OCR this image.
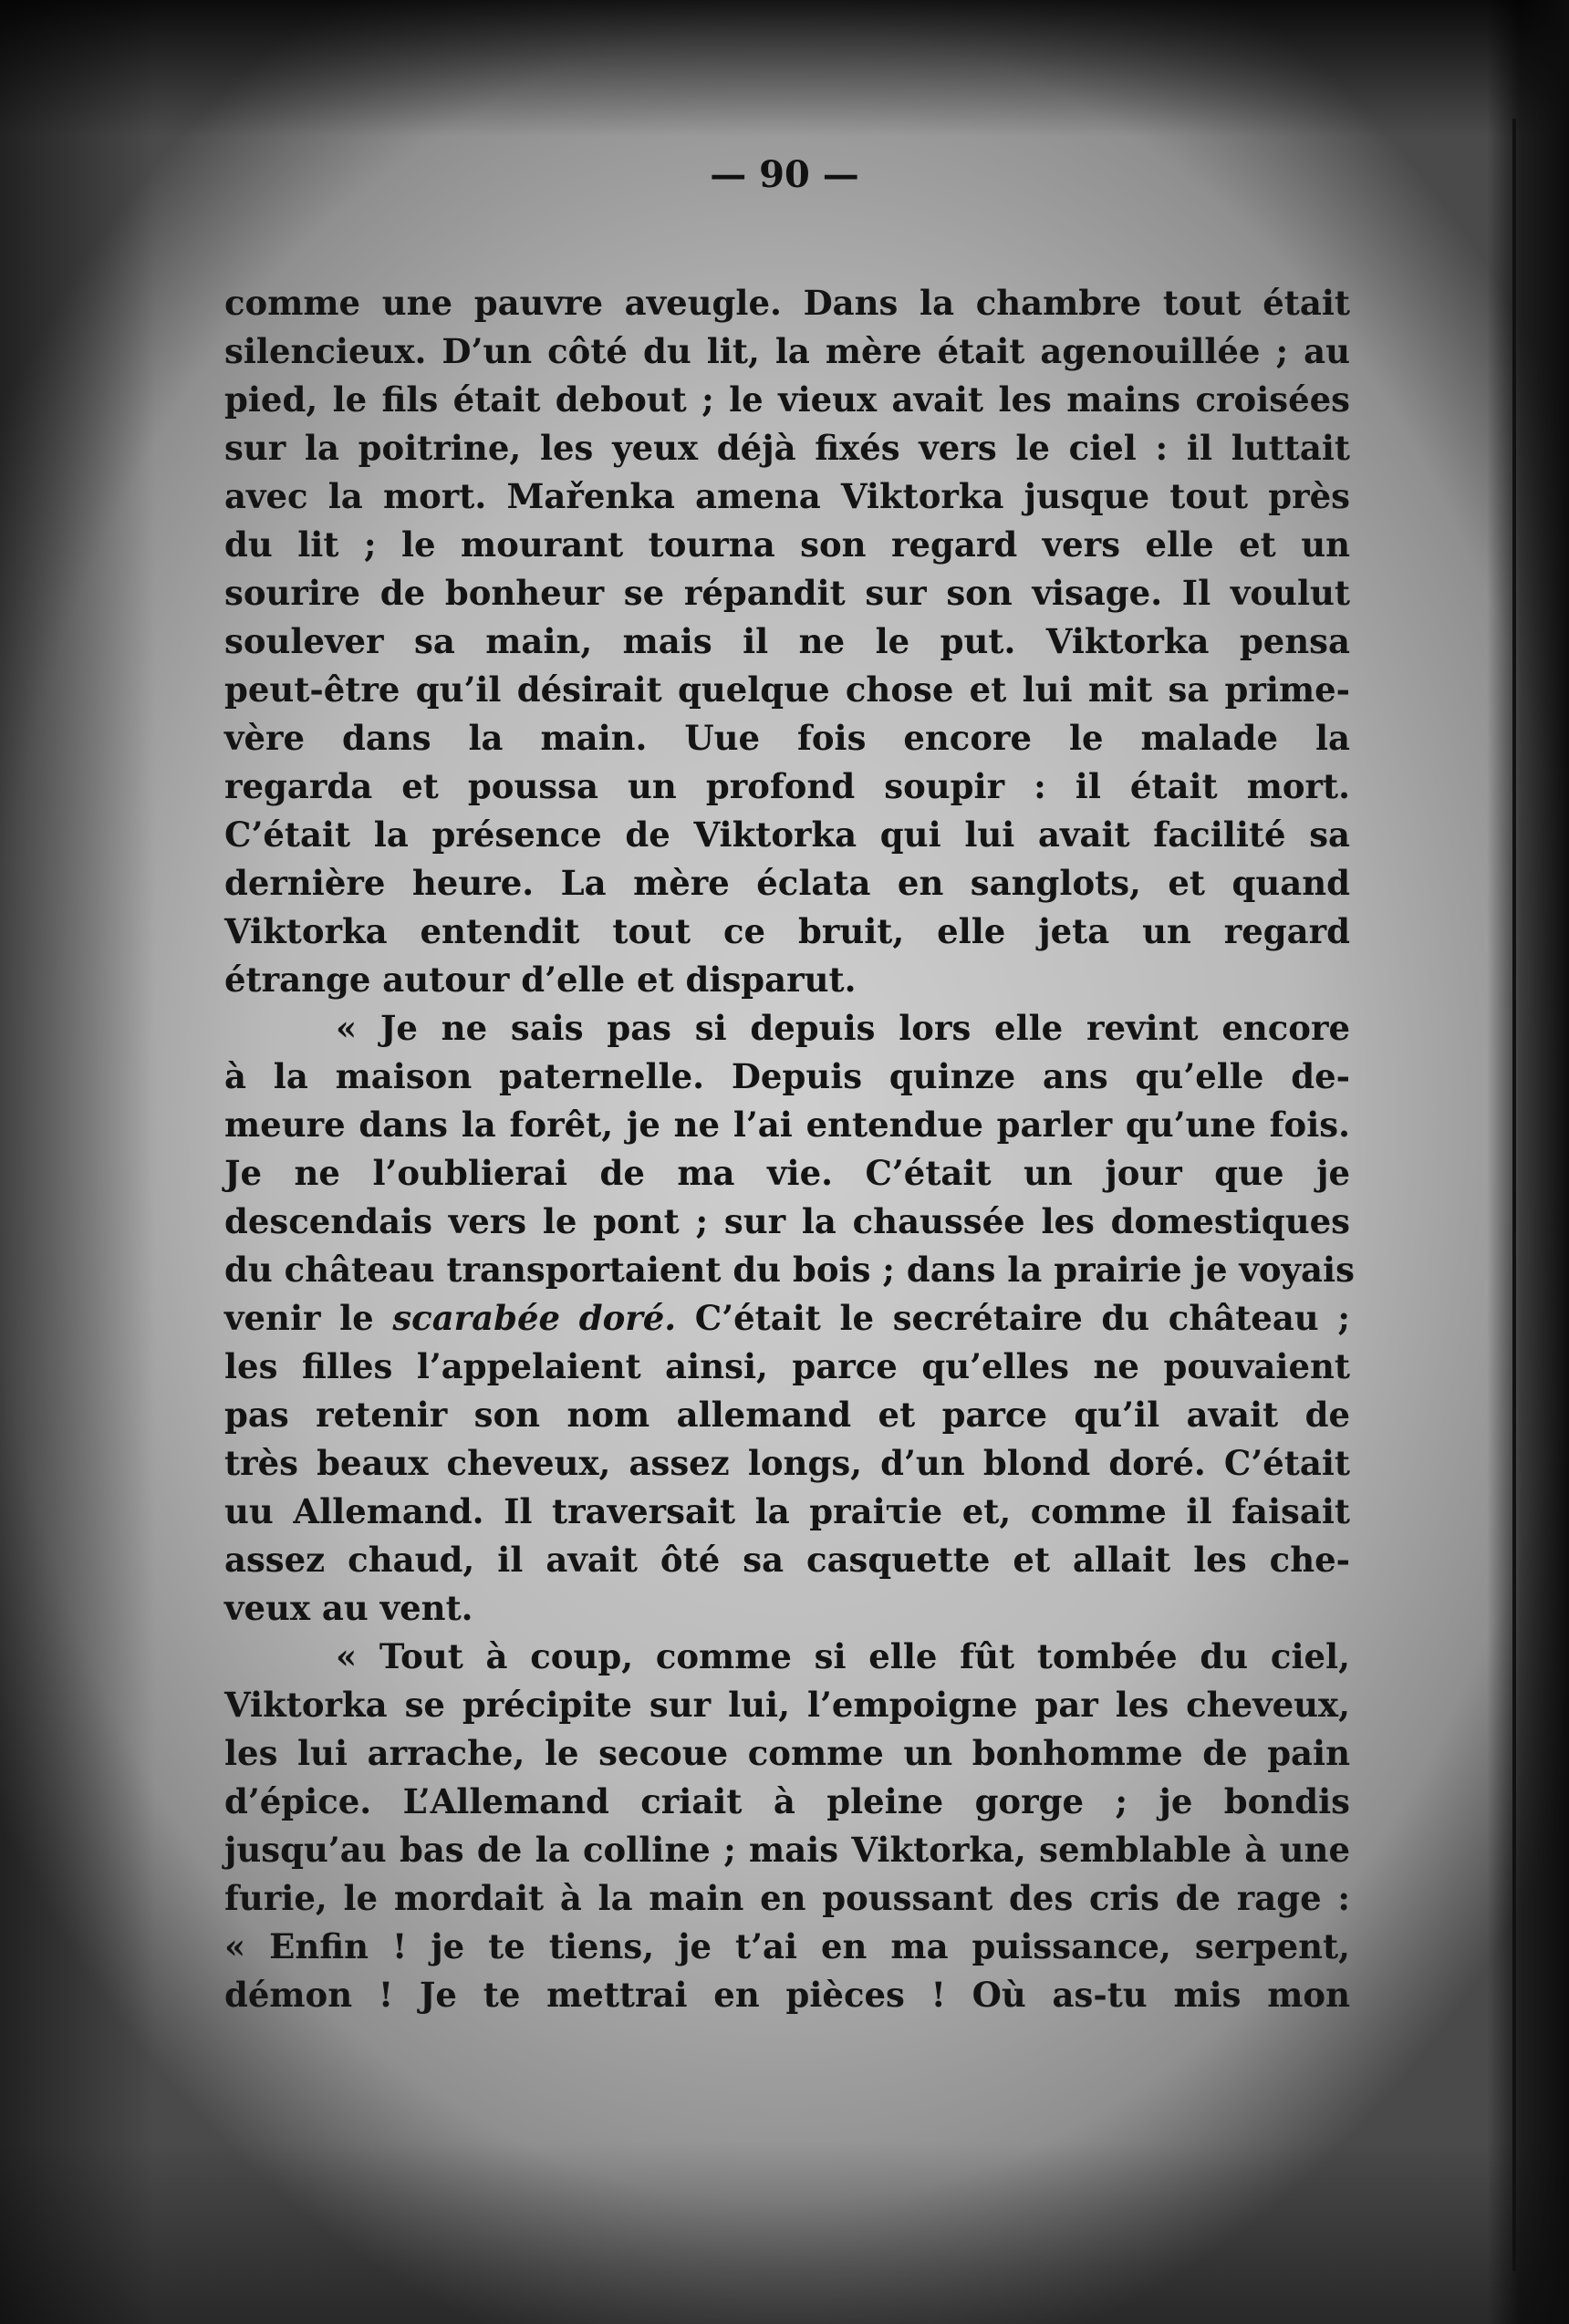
— 90 —
comme une pauvre aveugle. Dans la chambre tout était
silencieux. D’un côté du lit, la mère était agenouillée ; au
pied, le fils était debout ; le vieux avait les mains croisées
sur la poitrine, les yeux déjà fixés vers le ciel : il luttait
avec la mort. Mařenka amena Viktorka jusque tout près
du lit ; le mourant tourna son regard vers elle et un
sourire de bonheur se répandit sur son visage. Il voulut
soulever sa main, mais il ne le put. Viktorka pensa
peut-être qu’il désirait quelque chose et lui mit sa prime-
vère dans la main. Uue fois encore le malade la
regarda et poussa un profond soupir : il était mort.
C’était la présence de Viktorka qui lui avait facilité sa
dernière heure. La mère éclata en sanglots, et quand
Viktorka entendit tout ce bruit, elle jeta un regard
étrange autour d’elle et disparut.
« Je ne sais pas si depuis lors elle revint encore
à la maison paternelle. Depuis quinze ans qu’elle de-
meure dans la forêt, je ne l’ai entendue parler qu’une fois.
Je ne l’oublierai de ma vie. C’était un jour que je
descendais vers le pont ; sur la chaussée les domestiques
du château transportaient du bois ; dans la prairie je voyais
venir le scarabée doré. C’était le secrétaire du château ;
les filles l’appelaient ainsi, parce qu’elles ne pouvaient
pas retenir son nom allemand et parce qu’il avait de
très beaux cheveux, assez longs, d’un blond doré. C’était
uu Allemand. Il traversait la praiτie et, comme il faisait
assez chaud, il avait ôté sa casquette et allait les che-
veux au vent.
« Tout à coup, comme si elle fût tombée du ciel,
Viktorka se précipite sur lui, l’empoigne par les cheveux,
les lui arrache, le secoue comme un bonhomme de pain
d’épice. L’Allemand criait à pleine gorge ; je bondis
jusqu’au bas de la colline ; mais Viktorka, semblable à une
furie, le mordait à la main en poussant des cris de rage :
« Enfin ! je te tiens, je t’ai en ma puissance, serpent,
démon ! Je te mettrai en pièces ! Où as-tu mis mon
